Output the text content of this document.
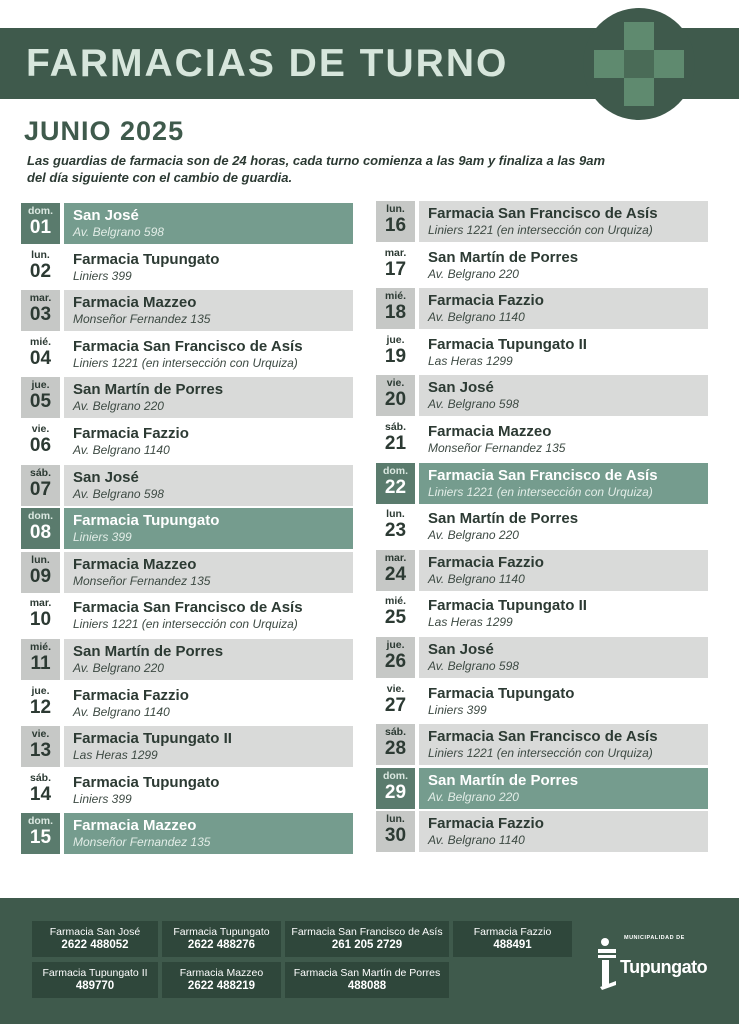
FARMACIAS DE TURNO
JUNIO 2025
Las guardias de farmacia son de 24 horas, cada turno comienza a las 9am y finaliza a las 9am del día siguiente con el cambio de guardia.
dom.
01
San José
Av. Belgrano 598
lun.
02
Farmacia Tupungato
Liniers 399
mar.
03
Farmacia Mazzeo
Monseñor Fernandez 135
mié.
04
Farmacia San Francisco de Asís
Liniers 1221 (en intersección con Urquiza)
jue.
05
San Martín de Porres
Av. Belgrano 220
vie.
06
Farmacia Fazzio
Av. Belgrano 1140
sáb.
07
San José
Av. Belgrano 598
dom.
08
Farmacia Tupungato
Liniers 399
lun.
09
Farmacia Mazzeo
Monseñor Fernandez 135
mar.
10
Farmacia San Francisco de Asís
Liniers 1221 (en intersección con Urquiza)
mié.
11
San Martín de Porres
Av. Belgrano 220
jue.
12
Farmacia Fazzio
Av. Belgrano 1140
vie.
13
Farmacia Tupungato II
Las Heras 1299
sáb.
14
Farmacia Tupungato
Liniers 399
dom.
15
Farmacia Mazzeo
Monseñor Fernandez 135
lun.
16
Farmacia San Francisco de Asís
Liniers 1221 (en intersección con Urquiza)
mar.
17
San Martín de Porres
Av. Belgrano 220
mié.
18
Farmacia Fazzio
Av. Belgrano 1140
jue.
19
Farmacia Tupungato II
Las Heras 1299
vie.
20
San José
Av. Belgrano 598
sáb.
21
Farmacia Mazzeo
Monseñor Fernandez 135
dom.
22
Farmacia San Francisco de Asís
Liniers 1221 (en intersección con Urquiza)
lun.
23
San Martín de Porres
Av. Belgrano 220
mar.
24
Farmacia Fazzio
Av. Belgrano 1140
mié.
25
Farmacia Tupungato II
Las Heras 1299
jue.
26
San José
Av. Belgrano 598
vie.
27
Farmacia Tupungato
Liniers 399
sáb.
28
Farmacia San Francisco de Asís
Liniers 1221 (en intersección con Urquiza)
dom.
29
San Martín de Porres
Av. Belgrano 220
lun.
30
Farmacia Fazzio
Av. Belgrano 1140
Farmacia San José
2622 488052
Farmacia Tupungato
2622 488276
Farmacia San Francisco de Asís
261 205 2729
Farmacia Fazzio
488491
Farmacia Tupungato II
489770
Farmacia Mazzeo
2622 488219
Farmacia San Martín de Porres
488088
MUNICIPALIDAD DE
Tupungato
